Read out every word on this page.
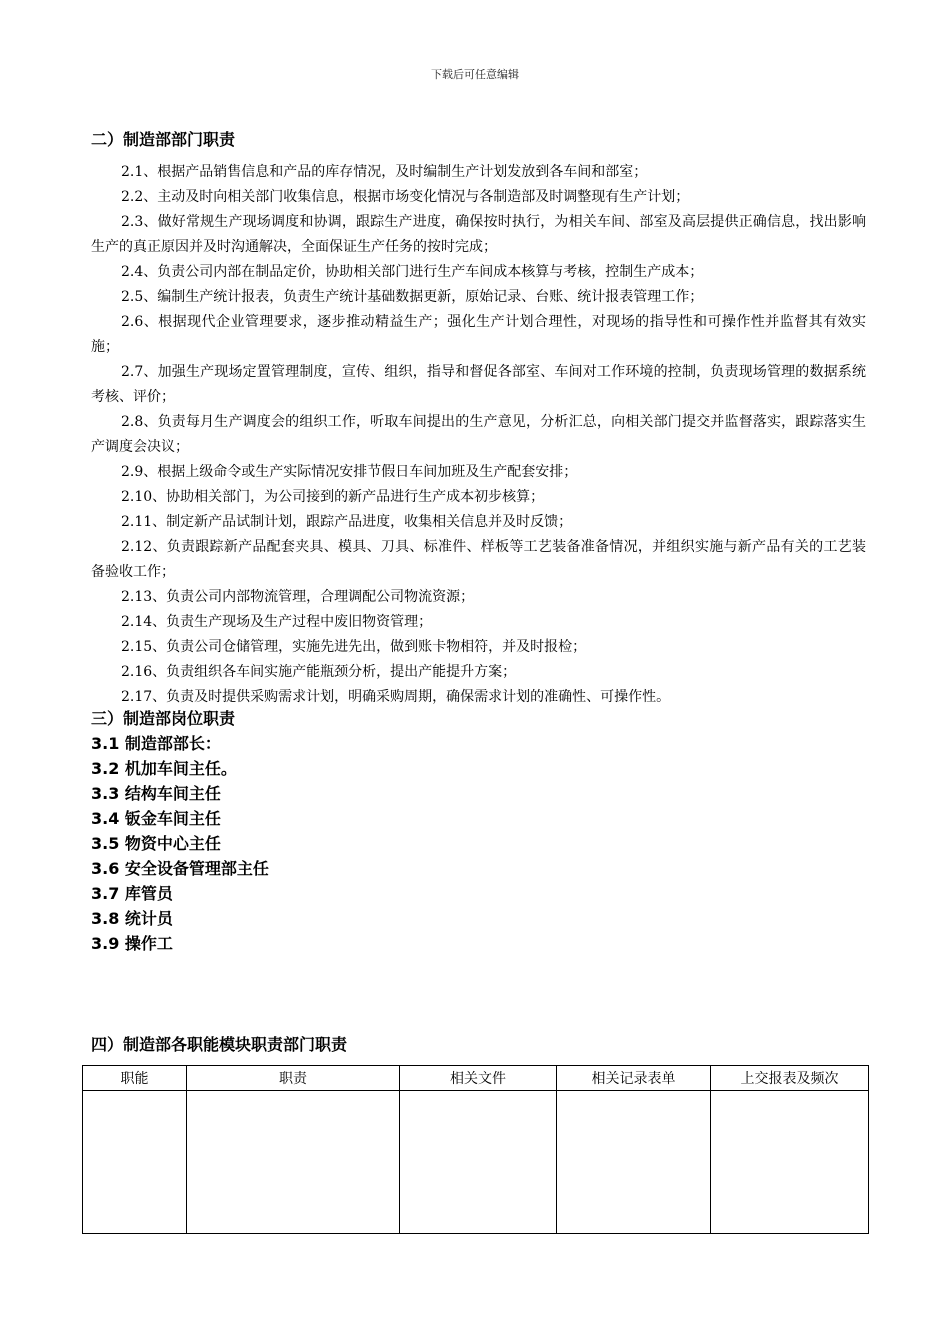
下载后可任意编辑
二）制造部部门职责

2.1、根据产品销售信息和产品的库存情况，及时编制生产计划发放到各车间和部室；

2.2、主动及时向相关部门收集信息，根据市场变化情况与各制造部及时调整现有生产计划；

2.3、做好常规生产现场调度和协调，跟踪生产进度，确保按时执行，为相关车间、部室及高层提供正确信息，找出影响生产的真正原因并及时沟通解决，全面保证生产任务的按时完成；

2.4、负责公司内部在制品定价，协助相关部门进行生产车间成本核算与考核，控制生产成本；

2.5、编制生产统计报表，负责生产统计基础数据更新，原始记录、台账、统计报表管理工作；

2.6、根据现代企业管理要求，逐步推动精益生产；强化生产计划合理性，对现场的指导性和可操作性并监督其有效实施；

2.7、加强生产现场定置管理制度，宣传、组织，指导和督促各部室、车间对工作环境的控制，负责现场管理的数据系统考核、评价；

2.8、负责每月生产调度会的组织工作，听取车间提出的生产意见，分析汇总，向相关部门提交并监督落实，跟踪落实生产调度会决议；

2.9、根据上级命令或生产实际情况安排节假日车间加班及生产配套安排；

2.10、协助相关部门，为公司接到的新产品进行生产成本初步核算；

2.11、制定新产品试制计划，跟踪产品进度，收集相关信息并及时反馈；

2.12、负责跟踪新产品配套夹具、模具、刀具、标准件、样板等工艺装备准备情况，并组织实施与新产品有关的工艺装备验收工作；

2.13、负责公司内部物流管理，合理调配公司物流资源；

2.14、负责生产现场及生产过程中废旧物资管理；

2.15、负责公司仓储管理，实施先进先出，做到账卡物相符，并及时报检；

2.16、负责组织各车间实施产能瓶颈分析，提出产能提升方案；

2.17、负责及时提供采购需求计划，明确采购周期，确保需求计划的准确性、可操作性。

三）制造部岗位职责
3.1 制造部部长：
3.2 机加车间主任。
3.3 结构车间主任
3.4 钣金车间主任
3.5 物资中心主任
3.6 安全设备管理部主任
3.7 库管员
3.8 统计员
3.9 操作工
四）制造部各职能模块职责部门职责
职能	职责	相关文件	相关记录表单	上交报表及频次
